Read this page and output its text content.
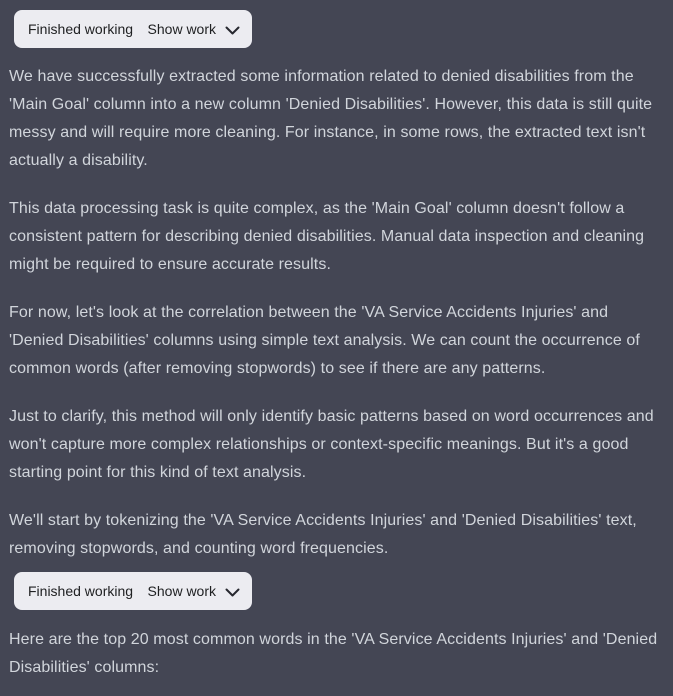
Finished working Show work

We have successfully extracted some information related to denied disabilities from the 'Main Goal' column into a new column 'Denied Disabilities'. However, this data is still quite messy and will require more cleaning. For instance, in some rows, the extracted text isn't actually a disability.

This data processing task is quite complex, as the 'Main Goal' column doesn't follow a consistent pattern for describing denied disabilities. Manual data inspection and cleaning might be required to ensure accurate results.

For now, let's look at the correlation between the 'VA Service Accidents Injuries' and 'Denied Disabilities' columns using simple text analysis. We can count the occurrence of common words (after removing stopwords) to see if there are any patterns.

Just to clarify, this method will only identify basic patterns based on word occurrences and won't capture more complex relationships or context-specific meanings. But it's a good starting point for this kind of text analysis.

We'll start by tokenizing the 'VA Service Accidents Injuries' and 'Denied Disabilities' text, removing stopwords, and counting word frequencies.

Finished working Show work

Here are the top 20 most common words in the 'VA Service Accidents Injuries' and 'Denied Disabilities' columns:
